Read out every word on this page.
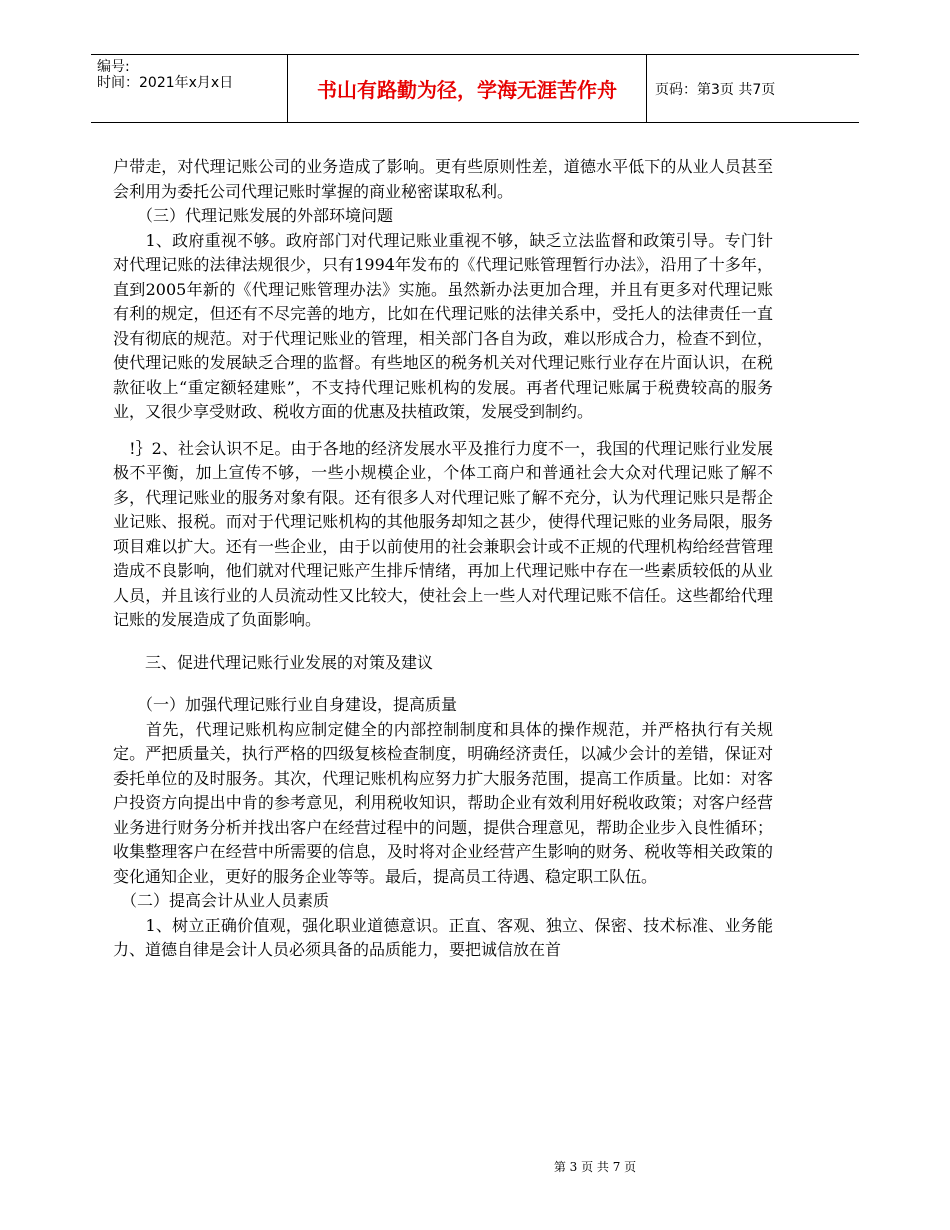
编号:
时间：2021年x月x日	书山有路勤为径，学海无涯苦作舟	页码：第3页 共7页

户带走，对代理记账公司的业务造成了影响。更有些原则性差，道德水平低下的从业人员甚至会利用为委托公司代理记账时掌握的商业秘密谋取私利。

　　（三）代理记账发展的外部环境问题

　　1、政府重视不够。政府部门对代理记账业重视不够，缺乏立法监督和政策引导。专门针对代理记账的法律法规很少，只有1994年发布的《代理记账管理暂行办法》，沿用了十多年，直到2005年新的《代理记账管理办法》实施。虽然新办法更加合理，并且有更多对代理记账有利的规定，但还有不尽完善的地方，比如在代理记账的法律关系中，受托人的法律责任一直没有彻底的规范。对于代理记账业的管理，相关部门各自为政，难以形成合力，检查不到位，使代理记账的发展缺乏合理的监督。有些地区的税务机关对代理记账行业存在片面认识，在税款征收上“重定额轻建账”，不支持代理记账机构的发展。再者代理记账属于税费较高的服务业，又很少享受财政、税收方面的优惠及扶植政策，发展受到制约。

　!｝2、社会认识不足。由于各地的经济发展水平及推行力度不一，我国的代理记账行业发展极不平衡，加上宣传不够，一些小规模企业，个体工商户和普通社会大众对代理记账了解不多，代理记账业的服务对象有限。还有很多人对代理记账了解不充分，认为代理记账只是帮企业记账、报税。而对于代理记账机构的其他服务却知之甚少，使得代理记账的业务局限，服务项目难以扩大。还有一些企业，由于以前使用的社会兼职会计或不正规的代理机构给经营管理造成不良影响，他们就对代理记账产生排斥情绪，再加上代理记账中存在一些素质较低的从业人员，并且该行业的人员流动性又比较大，使社会上一些人对代理记账不信任。这些都给代理记账的发展造成了负面影响。

　　三、促进代理记账行业发展的对策及建议

　　（一）加强代理记账行业自身建设，提高质量

　　首先，代理记账机构应制定健全的内部控制制度和具体的操作规范，并严格执行有关规定。严把质量关，执行严格的四级复核检查制度，明确经济责任，以减少会计的差错，保证对委托单位的及时服务。其次，代理记账机构应努力扩大服务范围，提高工作质量。比如：对客户投资方向提出中肯的参考意见，利用税收知识，帮助企业有效利用好税收政策；对客户经营业务进行财务分析并找出客户在经营过程中的问题，提供合理意见，帮助企业步入良性循环；收集整理客户在经营中所需要的信息，及时将对企业经营产生影响的财务、税收等相关政策的变化通知企业，更好的服务企业等等。最后，提高员工待遇、稳定职工队伍。

　（二）提高会计从业人员素质

　　1、树立正确价值观，强化职业道德意识。正直、客观、独立、保密、技术标准、业务能力、道德自律是会计人员必须具备的品质能力，要把诚信放在首

第 3 页 共 7 页
